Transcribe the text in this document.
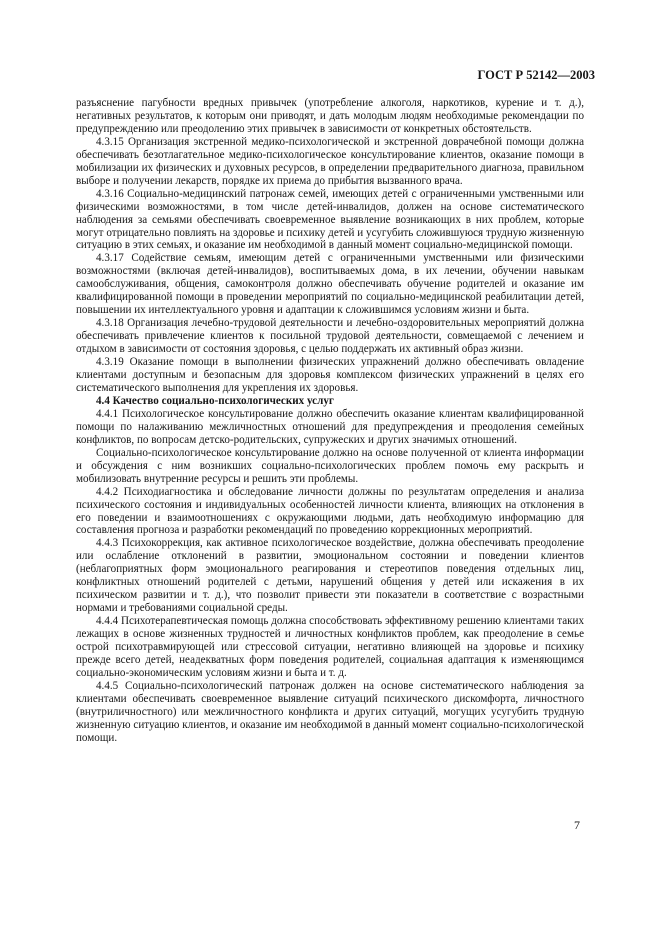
ГОСТ Р 52142—2003

разъяснение пагубности вредных привычек (употребление алкоголя, наркотиков, курение и т. д.), негативных результатов, к которым они приводят, и дать молодым людям необходимые рекомендации по предупреждению или преодолению этих привычек в зависимости от конкретных обстоятельств.

4.3.15 Организация экстренной медико-психологической и экстренной доврачебной помощи должна обеспечивать безотлагательное медико-психологическое консультирование клиентов, оказание помощи в мобилизации их физических и духовных ресурсов, в определении предварительного диагноза, правильном выборе и получении лекарств, порядке их приема до прибытия вызванного врача.

4.3.16 Социально-медицинский патронаж семей, имеющих детей с ограниченными умственными или физическими возможностями, в том числе детей-инвалидов, должен на основе систематического наблюдения за семьями обеспечивать своевременное выявление возникающих в них проблем, которые могут отрицательно повлиять на здоровье и психику детей и усугубить сложившуюся трудную жизненную ситуацию в этих семьях, и оказание им необходимой в данный момент социально-медицинской помощи.

4.3.17 Содействие семьям, имеющим детей с ограниченными умственными или физическими возможностями (включая детей-инвалидов), воспитываемых дома, в их лечении, обучении навыкам самообслуживания, общения, самоконтроля должно обеспечивать обучение родителей и оказание им квалифицированной помощи в проведении мероприятий по социально-медицинской реабилитации детей, повышении их интеллектуального уровня и адаптации к сложившимся условиям жизни и быта.

4.3.18 Организация лечебно-трудовой деятельности и лечебно-оздоровительных мероприятий должна обеспечивать привлечение клиентов к посильной трудовой деятельности, совмещаемой с лечением и отдыхом в зависимости от состояния здоровья, с целью поддержать их активный образ жизни.

4.3.19 Оказание помощи в выполнении физических упражнений должно обеспечивать овладение клиентами доступным и безопасным для здоровья комплексом физических упражнений в целях его систематического выполнения для укрепления их здоровья.

4.4 Качество социально-психологических услуг

4.4.1 Психологическое консультирование должно обеспечить оказание клиентам квалифицированной помощи по налаживанию межличностных отношений для предупреждения и преодоления семейных конфликтов, по вопросам детско-родительских, супружеских и других значимых отношений.

Социально-психологическое консультирование должно на основе полученной от клиента информации и обсуждения с ним возникших социально-психологических проблем помочь ему раскрыть и мобилизовать внутренние ресурсы и решить эти проблемы.

4.4.2 Психодиагностика и обследование личности должны по результатам определения и анализа психического состояния и индивидуальных особенностей личности клиента, влияющих на отклонения в его поведении и взаимоотношениях с окружающими людьми, дать необходимую информацию для составления прогноза и разработки рекомендаций по проведению коррекционных мероприятий.

4.4.3 Психокоррекция, как активное психологическое воздействие, должна обеспечивать преодоление или ослабление отклонений в развитии, эмоциональном состоянии и поведении клиентов (неблагоприятных форм эмоционального реагирования и стереотипов поведения отдельных лиц, конфликтных отношений родителей с детьми, нарушений общения у детей или искажения в их психическом развитии и т. д.), что позволит привести эти показатели в соответствие с возрастными нормами и требованиями социальной среды.

4.4.4 Психотерапевтическая помощь должна способствовать эффективному решению клиентами таких лежащих в основе жизненных трудностей и личностных конфликтов проблем, как преодоление в семье острой психотравмирующей или стрессовой ситуации, негативно влияющей на здоровье и психику прежде всего детей, неадекватных форм поведения родителей, социальная адаптация к изменяющимся социально-экономическим условиям жизни и быта и т. д.

4.4.5 Социально-психологический патронаж должен на основе систематического наблюдения за клиентами обеспечивать своевременное выявление ситуаций психического дискомфорта, личностного (внутриличностного) или межличностного конфликта и других ситуаций, могущих усугубить трудную жизненную ситуацию клиентов, и оказание им необходимой в данный момент социально-психологической помощи.

7
